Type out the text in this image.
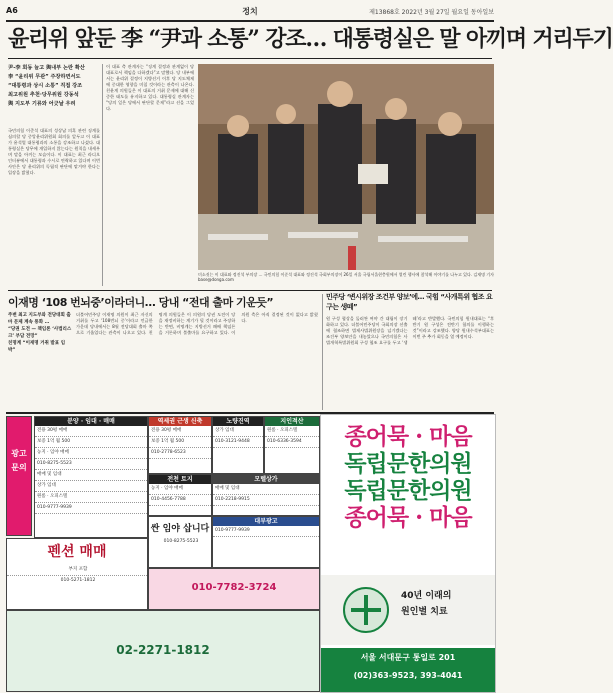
A6	정치	제13868호 2022년 3월 27일 월요일 동아일보
윤리위 앞둔 李 “尹과 소통” 강조… 대통령실은 말 아끼며 거리두기
尹-李 회동 늘고 與내부 논란 확산
李 “윤리위 무관” 주장하면서도
“대통령과 상시 소통” 직접 강조
최고위원 추천·당무위원 강동석
與 지도부 기류와 어긋날 우려
국민의힘 이준석 대표의 성상납 의혹 관련 징계를 심의할 당 중앙윤리위원회 회의를 앞두고 이 대표가 윤석열 대통령과의 소통을 강조하고 나섰다. 대통령실은 당무에 개입하지 않는다는 원칙을 내세우며 말을 아끼는 모습이다. 이 대표는 최근 라디오 인터뷰에서 대통령과 수시로 연락하고 있다며 이번 사안은 당 윤리위의 독립적 판단에 맡겨야 한다는 입장을 밝혔다.
이 대표 측 관계자는 “징계 결정과 관계없이 당 대표로서 책임을 다하겠다”고 말했다. 당 내부에서는 윤리위 결정이 지방선거 이후 당 지도체제에 중대한 영향을 미칠 것이라는 관측이 나온다. 친윤계 의원들은 이 대표의 거취 문제에 대해 신중한 태도를 유지하고 있다. 대통령실 관계자는 “당의 일은 당에서 판단할 문제”라고 선을 그었다.
미소짓는 이 대표와 정진석 부의장 … 국민의힘 이준석 대표와 정진석 국회부의장이 26일 서울 국립서울현충원에서 열린 행사에 참석해 이야기를 나누고 있다. 김재명 기자 base@donga.com
이재명 ‘108 번뇌중’이라더니… 당내 “전대 출마 기운듯”
주변 최고 지도부와 전당대회 출마 문제 계속 통화 …
“당권 도전 — 책임론 ‘사법리스크’ 부담 전망”
친명계 “이재명 거취 발표 임박”
더불어민주당 이재명 의원이 최근 자신의 거취를 두고 ‘108번뇌 중’이라고 언급한 가운데 당내에서는 8월 전당대회 출마 쪽으로 기울었다는 관측이 나오고 있다. 친명계 의원들은 이 의원의 당권 도전이 당을 재정비하는 계기가 될 것이라고 주장하는 반면, 비명계는 지방선거 패배 책임론을 거론하며 불출마를 요구하고 있다. 이 의원 측은 아직 결정된 것이 없다고 밝혔다.
민주당 ‘변시위장 조건부 양보’에… 국힘 “사개특위 협조 요구는 생떼”
원 구성 협상을 둘러싼 여야 간 대립이 장기화하고 있다. 더불어민주당이 국회의장 선출에 협조하면 법제사법위원장을 넘기겠다는 조건부 양보안을 내놓았으나 국민의힘은 사법개혁특별위원회 구성 협조 요구를 두고 ‘생떼’라고 반발했다. 국민의힘 원내대표는 “후반기 원 구성은 전반기 합의를 이행하는 것”이라고 강조했다. 양당 원내수석부대표는 이번 주 추가 회동을 열 예정이다.
광고 문의
분양 · 임대 · 매매
전용 30평 매매
보증 1억 월 500
농지 · 임야 매매
010-8275-5523
매매 및 임대
상가 임대
원룸 · 오피스텔
010-9777-9939
역세권 근생 신축
전용 30평 매매
보증 1억 월 500
010-2778-6523
노량진역
상가 임대
010-3121-9448
지인적산
원룸 · 오피스텔
010-6336-3594
전천 토지
농지 · 임야 매매
010-4456-7788
모텔상가
매매 및 임대
010-2218-9915
싼 임야 삽니다
010-8275-5523
대부광고
010-9777-9939
펜션 매매
부지 포함
010-5271-1812
010-7782-3724
02-2271-1812
종어묵 · 마음
독립문한의원
독립문한의원
종어묵 · 마음
40년 이래의
원인별 치료
서울 서대문구 통일로 201
(02)363-9523, 393-4041
